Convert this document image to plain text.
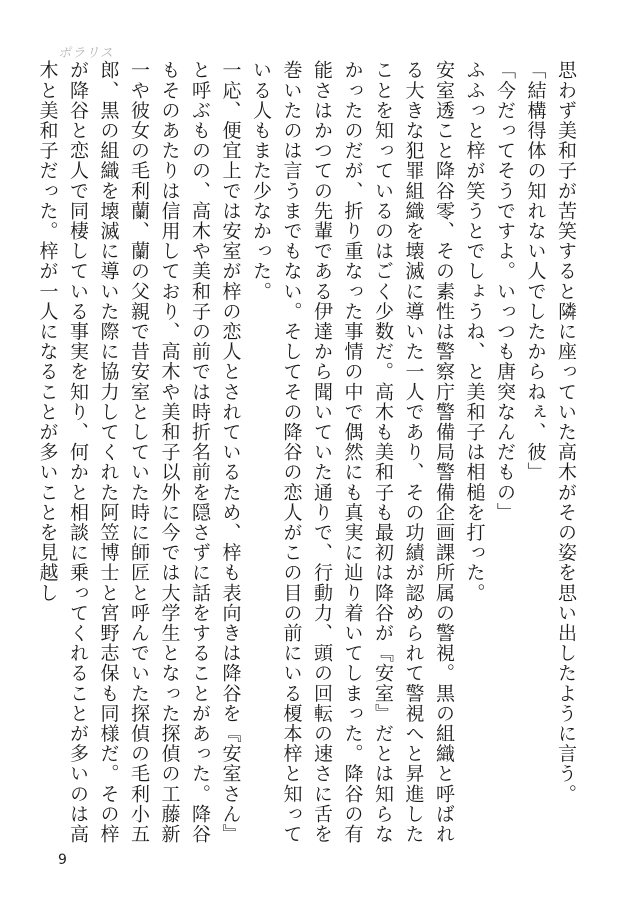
ポラリス

思わず美和子が苦笑すると隣に座っていた高木がその姿を思い出したように言う。

「結構得体の知れない人でしたからねぇ、彼」

「今だってそうですよ。いっつも唐突なんだもの」

ふふっと梓が笑うとでしょうね、と美和子は相槌を打った。

安室透こと降谷零、その素性は警察庁警備局警備企画課所属の警視。黒の組織と呼ばれる大きな犯罪組織を壊滅に導いた一人であり、その功績が認められて警視へと昇進したことを知っているのはごく少数だ。高木も美和子も最初は降谷が『安室』だとは知らなかったのだが、折り重なった事情の中で偶然にも真実に辿り着いてしまった。降谷の有能さはかつての先輩である伊達から聞いていた通りで、行動力、頭の回転の速さに舌を巻いたのは言うまでもない。そしてその降谷の恋人がこの目の前にいる榎本梓と知っている人もまた少なかった。

一応、便宜上では安室が梓の恋人とされているため、梓も表向きは降谷を『安室さん』と呼ぶものの、高木や美和子の前では時折名前を隠さずに話をすることがあった。降谷もそのあたりは信用しており、高木や美和子以外に今では大学生となった探偵の工藤新一や彼女の毛利蘭、蘭の父親で昔安室としていた時に師匠と呼んでいた探偵の毛利小五郎、黒の組織を壊滅に導いた際に協力してくれた阿笠博士と宮野志保も同様だ。その梓が降谷と恋人で同棲している事実を知り、何かと相談に乗ってくれることが多いのは高木と美和子だった。梓が一人になることが多いことを見越し

9
